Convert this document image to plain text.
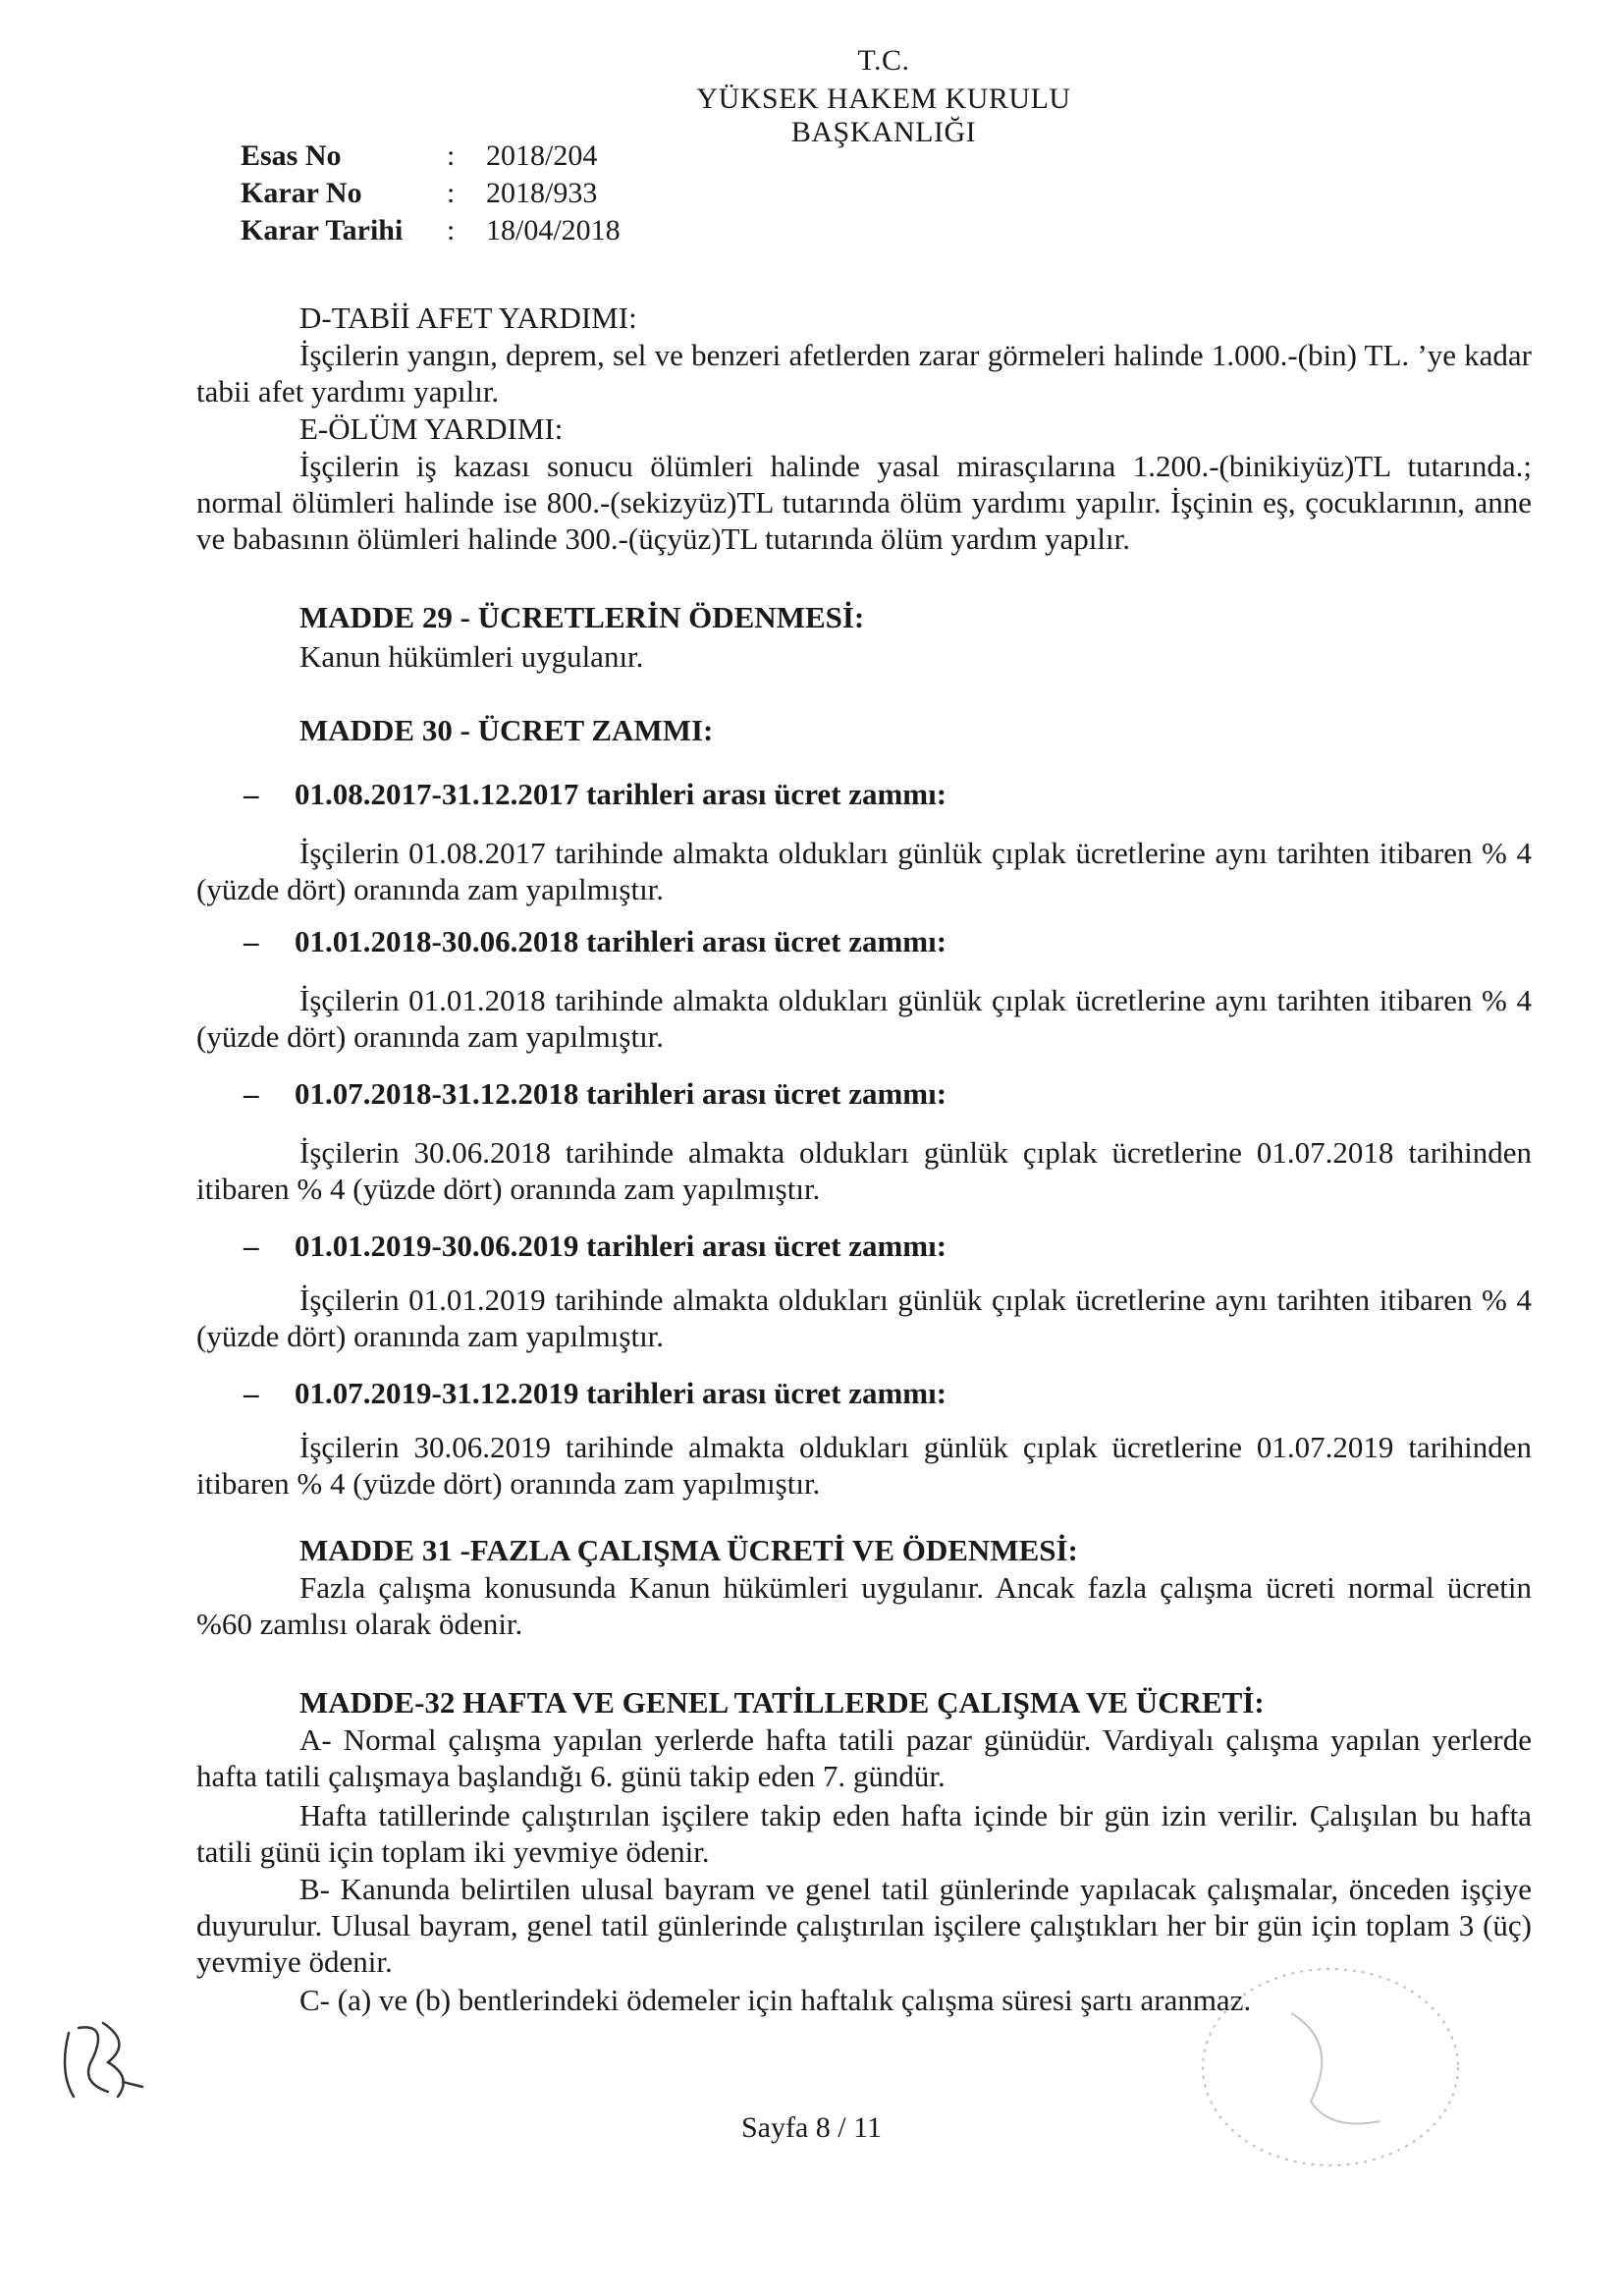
T.C.
YÜKSEK HAKEM KURULU
BAŞKANLIĞI
Esas No	:	2018/204
Karar No	:	2018/933
Karar Tarihi	:	18/04/2018
D-TABİİ AFET YARDIMI:
İşçilerin yangın, deprem, sel ve benzeri afetlerden zarar görmeleri halinde 1.000.-(bin) TL. ’ye kadar tabii afet yardımı yapılır.
E-ÖLÜM YARDIMI:
İşçilerin iş kazası sonucu ölümleri halinde yasal mirasçılarına 1.200.-(binikiyüz)TL tutarında.; normal ölümleri halinde ise 800.-(sekizyüz)TL tutarında ölüm yardımı yapılır. İşçinin eş, çocuklarının, anne ve babasının ölümleri halinde 300.-(üçyüz)TL tutarında ölüm yardım yapılır.
MADDE 29 - ÜCRETLERİN ÖDENMESİ:
Kanun hükümleri uygulanır.
MADDE 30 - ÜCRET ZAMMI:
– 01.08.2017-31.12.2017 tarihleri arası ücret zammı:
İşçilerin 01.08.2017 tarihinde almakta oldukları günlük çıplak ücretlerine aynı tarihten itibaren % 4 (yüzde dört) oranında zam yapılmıştır.
– 01.01.2018-30.06.2018 tarihleri arası ücret zammı:
İşçilerin 01.01.2018 tarihinde almakta oldukları günlük çıplak ücretlerine aynı tarihten itibaren % 4 (yüzde dört) oranında zam yapılmıştır.
– 01.07.2018-31.12.2018 tarihleri arası ücret zammı:
İşçilerin 30.06.2018 tarihinde almakta oldukları günlük çıplak ücretlerine 01.07.2018 tarihinden itibaren % 4 (yüzde dört) oranında zam yapılmıştır.
– 01.01.2019-30.06.2019 tarihleri arası ücret zammı:
İşçilerin 01.01.2019 tarihinde almakta oldukları günlük çıplak ücretlerine aynı tarihten itibaren % 4 (yüzde dört) oranında zam yapılmıştır.
– 01.07.2019-31.12.2019 tarihleri arası ücret zammı:
İşçilerin 30.06.2019 tarihinde almakta oldukları günlük çıplak ücretlerine 01.07.2019 tarihinden itibaren % 4 (yüzde dört) oranında zam yapılmıştır.
MADDE 31 -FAZLA ÇALIŞMA ÜCRETİ VE ÖDENMESİ:
Fazla çalışma konusunda Kanun hükümleri uygulanır. Ancak fazla çalışma ücreti normal ücretin %60 zamlısı olarak ödenir.
MADDE-32 HAFTA VE GENEL TATİLLERDE ÇALIŞMA VE ÜCRETİ:
A- Normal çalışma yapılan yerlerde hafta tatili pazar günüdür. Vardiyalı çalışma yapılan yerlerde hafta tatili çalışmaya başlandığı 6. günü takip eden 7. gündür.
Hafta tatillerinde çalıştırılan işçilere takip eden hafta içinde bir gün izin verilir. Çalışılan bu hafta tatili günü için toplam iki yevmiye ödenir.
B- Kanunda belirtilen ulusal bayram ve genel tatil günlerinde yapılacak çalışmalar, önceden işçiye duyurulur. Ulusal bayram, genel tatil günlerinde çalıştırılan işçilere çalıştıkları her bir gün için toplam 3 (üç) yevmiye ödenir.
C- (a) ve (b) bentlerindeki ödemeler için haftalık çalışma süresi şartı aranmaz.
Sayfa 8 / 11
